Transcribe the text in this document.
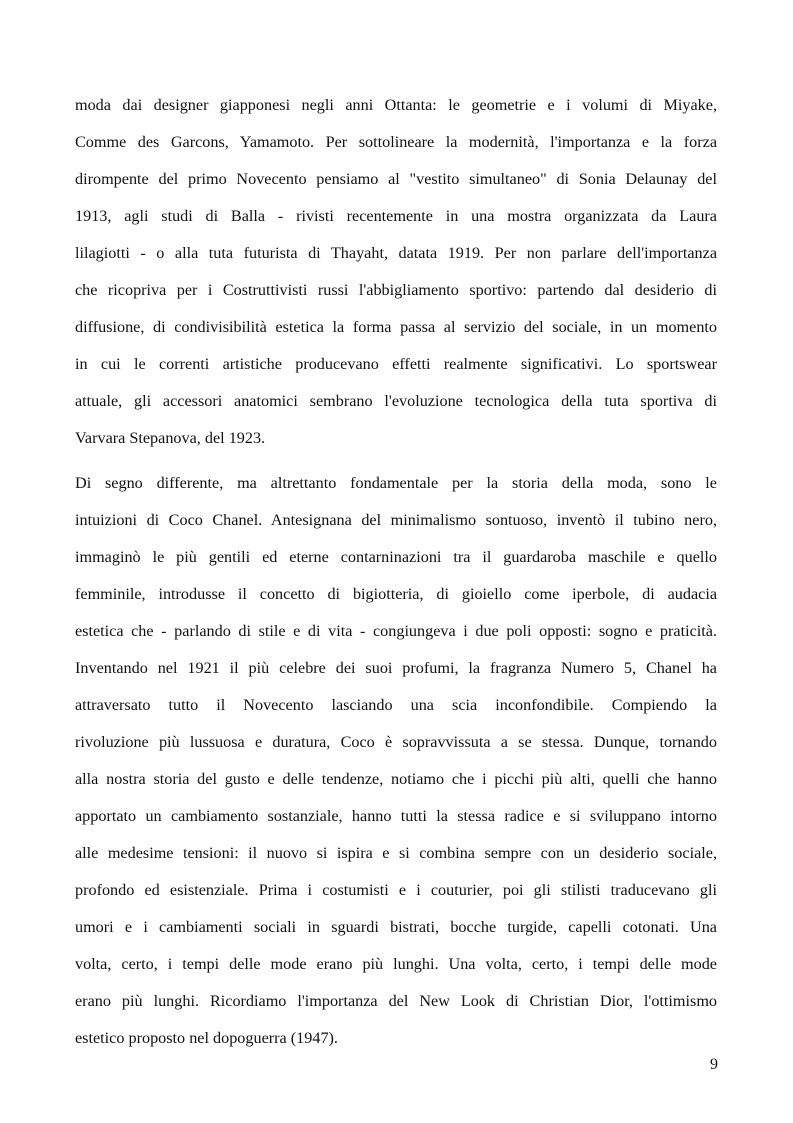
moda dai designer giapponesi negli anni Ottanta: le geometrie e i volumi di Miyake,
Comme des Garcons, Yamamoto. Per sottolineare la modernità, l'importanza e la forza
dirompente del primo Novecento pensiamo al "vestito simultaneo" di Sonia Delaunay del
1913, agli studi di Balla - rivisti recentemente in una mostra organizzata da Laura
lilagiotti - o alla tuta futurista di Thayaht, datata 1919. Per non parlare dell'importanza
che ricopriva per i Costruttivisti russi l'abbigliamento sportivo: partendo dal desiderio di
diffusione, di condivisibilità estetica la forma passa al servizio del sociale, in un momento
in cui le correnti artistiche producevano effetti realmente significativi. Lo sportswear
attuale, gli accessori anatomici sembrano l'evoluzione tecnologica della tuta sportiva di
Varvara Stepanova, del 1923.
Di segno differente, ma altrettanto fondamentale per la storia della moda, sono le
intuizioni di Coco Chanel. Antesignana del minimalismo sontuoso, inventò il tubino nero,
immaginò le più gentili ed eterne contarninazioni tra il guardaroba maschile e quello
femminile, introdusse il concetto di bigiotteria, di gioiello come iperbole, di audacia
estetica che - parlando di stile e di vita - congiungeva i due poli opposti: sogno e praticità.
Inventando nel 1921 il più celebre dei suoi profumi, la fragranza Numero 5, Chanel ha
attraversato tutto il Novecento lasciando una scia inconfondibile. Compiendo la
rivoluzione più lussuosa e duratura, Coco è sopravvissuta a se stessa. Dunque, tornando
alla nostra storia del gusto e delle tendenze, notiamo che i picchi più alti, quelli che hanno
apportato un cambiamento sostanziale, hanno tutti la stessa radice e si sviluppano intorno
alle medesime tensioni: il nuovo si ispira e si combina sempre con un desiderio sociale,
profondo ed esistenziale. Prima i costumisti e i couturier, poi gli stilisti traducevano gli
umori e i cambiamenti sociali in sguardi bistrati, bocche turgide, capelli cotonati. Una
volta, certo, i tempi delle mode erano più lunghi. Una volta, certo, i tempi delle mode
erano più lunghi. Ricordiamo l'importanza del New Look di Christian Dior, l'ottimismo
estetico proposto nel dopoguerra (1947).
9
